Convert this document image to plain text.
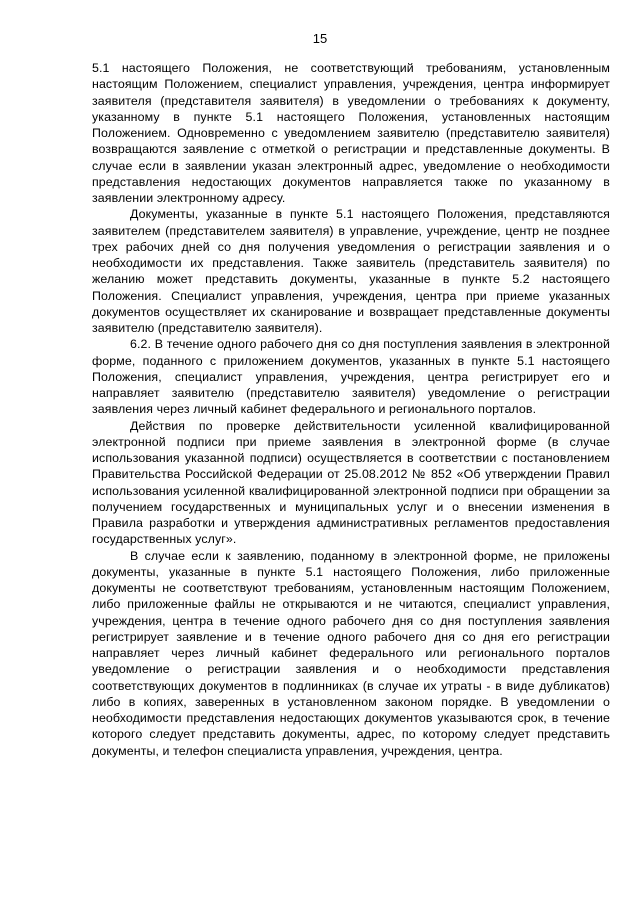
15

5.1 настоящего Положения, не соответствующий требованиям, установленным настоящим Положением, специалист управления, учреждения, центра информирует заявителя (представителя заявителя) в уведомлении о требованиях к документу, указанному в пункте 5.1 настоящего Положения, установленных настоящим Положением. Одновременно с уведомлением заявителю (представителю заявителя) возвращаются заявление с отметкой о регистрации и представленные документы. В случае если в заявлении указан электронный адрес, уведомление о необходимости представления недостающих документов направляется также по указанному в заявлении электронному адресу.

Документы, указанные в пункте 5.1 настоящего Положения, представляются заявителем (представителем заявителя) в управление, учреждение, центр не позднее трех рабочих дней со дня получения уведомления о регистрации заявления и о необходимости их представления. Также заявитель (представитель заявителя) по желанию может представить документы, указанные в пункте 5.2 настоящего Положения. Специалист управления, учреждения, центра при приеме указанных документов осуществляет их сканирование и возвращает представленные документы заявителю (представителю заявителя).

6.2. В течение одного рабочего дня со дня поступления заявления в электронной форме, поданного с приложением документов, указанных в пункте 5.1 настоящего Положения, специалист управления, учреждения, центра регистрирует его и направляет заявителю (представителю заявителя) уведомление о регистрации заявления через личный кабинет федерального и регионального порталов.

Действия по проверке действительности усиленной квалифицированной электронной подписи при приеме заявления в электронной форме (в случае использования указанной подписи) осуществляется в соответствии с постановлением Правительства Российской Федерации от 25.08.2012 № 852 «Об утверждении Правил использования усиленной квалифицированной электронной подписи при обращении за получением государственных и муниципальных услуг и о внесении изменения в Правила разработки и утверждения административных регламентов предоставления государственных услуг».

В случае если к заявлению, поданному в электронной форме, не приложены документы, указанные в пункте 5.1 настоящего Положения, либо приложенные документы не соответствуют требованиям, установленным настоящим Положением, либо приложенные файлы не открываются и не читаются, специалист управления, учреждения, центра в течение одного рабочего дня со дня поступления заявления регистрирует заявление и в течение одного рабочего дня со дня его регистрации направляет через личный кабинет федерального или регионального порталов уведомление о регистрации заявления и о необходимости представления соответствующих документов в подлинниках (в случае их утраты - в виде дубликатов) либо в копиях, заверенных в установленном законом порядке. В уведомлении о необходимости представления недостающих документов указываются срок, в течение которого следует представить документы, адрес, по которому следует представить документы, и телефон специалиста управления, учреждения, центра.
